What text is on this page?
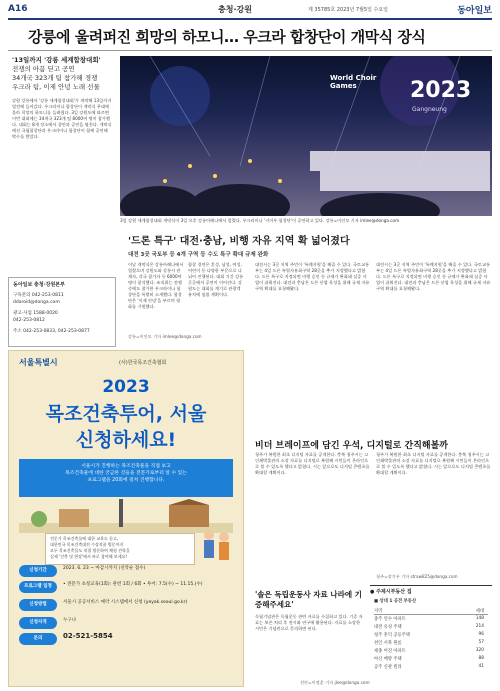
A16	충청·강원	제 35785호 2023년 7월5일 수요일	동아일보
강릉에 울려퍼진 희망의 하모니… 우크라 합창단이 개막식 장식
'13일까지 '강릉 세계합창대회'
전쟁의 아픔 딛고 공연
34개국 323개 팀 참가해 경쟁
우크라 팀, 이제 안녕 노래 선물
강원 강릉에서 '강릉 세계합창대회'가 개막해 13일까지 열전에 들어갔다. 우크라이나 합창단이 개막식 무대에 올라 희망의 하모니를 들려줬다. 3일 강원도에 따르면 이번 대회에는 34개국 323개 팀 8000여 명이 참가했다. 대회는 8개 장소에서 경연과 공연을 펼친다. 개막식에선 국립합창단과 우크라이나 합창단이 함께 공연해 박수를 받았다.
World Choir Games	2023
Gangneung
3일 강원 세계합창대회 개막식이 3일 오후 강릉아레나에서 열렸다. 우크라이나 '키이우 합창단'이 공연하고 있다. 강릉=이인모 기자 imlee@donga.com
'드론 특구' 대전·충남, 비행 자유 지역 확 넓어졌다
대전 3곳 국토부 등 4개 구역 등 수도 특구 확대 규제 완화
이날 개막식은 강릉아레나에서 열렸으며 강원도와 강릉시 관계자, 각국 참가자 등 6000여 명이 참석했다. 조직위는 전쟁 중에도 참가한 우크라이나 합창단을 특별히 소개했다. 합창단은 '이제 안녕'을 부르며 평화를 기원했다.
합창 경연은 혼성, 남성, 여성, 어린이 등 다양한 부문으로 나뉘어 진행된다. 대회 기간 강릉 곳곳에서 공연이 이어진다. 강원도는 대회를 계기로 관광객 유치에 힘쓸 계획이다.
강릉=이인모 기자 imlee@donga.com
대전시는 3곳 지역 주민이 '특례지원'을 해줄 수 있다. 국토교통부는 4일 드론 특별자유화구역 28곳을 추가 지정했다고 밝혔다. 드론 특구로 지정되면 비행 승인 등 규제가 완화돼 실증 사업이 쉬워진다. 대전과 충남은 드론 산업 육성을 위해 규제 자유 구역 확대를 요청해왔다.
대전시는 3곳 지역 주민이 '특례지원'을 해줄 수 있다. 국토교통부는 4일 드론 특별자유화구역 28곳을 추가 지정했다고 밝혔다. 드론 특구로 지정되면 비행 승인 등 규제가 완화돼 실증 사업이 쉬워진다. 대전과 충남은 드론 산업 육성을 위해 규제 자유 구역 확대를 요청해왔다.
동아일보 충청·강원본부
구독문의 042-253-0811
ddaroid@donga.com
광고·사업 1588-0020
042-253-0812
주소 042-253-0833, 042-253-0877
서울특별시	(사)한국목조건축협회
2023
목조건축투어, 서울
신청하세요!
서울시가 진행하는 목조건축물을 직접 보고
목조건축물에 대한 궁금한 것들을 전문가로부터 알 수 있는
프로그램을 20회에 걸쳐 진행합니다.
전문가 목조건축물에 대한 교육도 듣고,
대한민국 목조건축대전 수상작품 방문까지
모두 목조건축물도 직접 방문하여 체험 견학을
실제 '건축 및 현장'에서 바로 참여해 보세요!
신청기간	2023. 6. 23 ~ 마감시까지 (선착순 접수)
프로그램 일정	• 전문가 초청교육(1회): 관련 1회 / 6회 • 투어: 7.5(수) ~ 11.15.(수)
신청방법	서울시 공공서비스 예약 시스템에서 신청 (yeyak.seoul.go.kr)
신청자격	누구나
문의	02-521-5854
비더 브레이프에 담긴 우석, 디지털로 간직해볼까
청주가 복원한 최초 디지털 자료를 공개한다. 충북 청주시는 고인쇄박물관의 소장 자료를 디지털로 복원해 시민들이 온라인으로 볼 수 있도록 했다고 밝혔다. 시는 앞으로도 디지털 콘텐츠를 확대할 계획이다.
청주가 복원한 최초 디지털 자료를 공개한다. 충북 청주시는 고인쇄박물관의 소장 자료를 디지털로 복원해 시민들이 온라인으로 볼 수 있도록 했다고 밝혔다. 시는 앞으로도 디지털 콘텐츠를 확대할 계획이다.
청주=장기우 기자 straw825@donga.com
'솔은 독립운동사 자료 나라에 기증해주세요'
독립기념관은 독립운동 관련 자료를 수집하고 있다. 기증 자료는 보존 처리 후 전시와 연구에 활용된다. 자료를 소장한 시민은 기념관으로 문의하면 된다.
천안=이정훈 기자 jlee@donga.com
● 주제시부동산 집
■ 상대 1 공전 부동산
지역	세대
충주 연수 아파트	148
대전 유성 주택	214
청주 흥덕 공동주택	96
천안 서북 원룸	57
세종 어진 아파트	320
아산 배방 주택	88
공주 신관 빌라	41
